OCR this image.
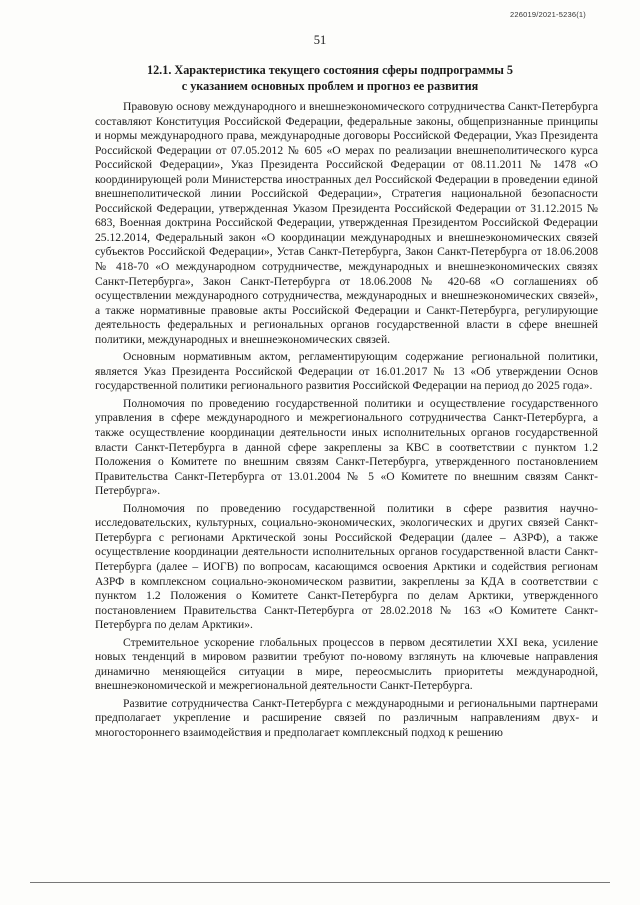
226019/2021-5236(1)
51
12.1. Характеристика текущего состояния сферы подпрограммы 5
с указанием основных проблем и прогноз ее развития

Правовую основу международного и внешнеэкономического сотрудничества Санкт-Петербурга составляют Конституция Российской Федерации, федеральные законы, общепризнанные принципы и нормы международного права, международные договоры Российской Федерации, Указ Президента Российской Федерации от 07.05.2012 № 605 «О мерах по реализации внешнеполитического курса Российской Федерации», Указ Президента Российской Федерации от 08.11.2011 № 1478 «О координирующей роли Министерства иностранных дел Российской Федерации в проведении единой внешнеполитической линии Российской Федерации», Стратегия национальной безопасности Российской Федерации, утвержденная Указом Президента Российской Федерации от 31.12.2015 № 683, Военная доктрина Российской Федерации, утвержденная Президентом Российской Федерации 25.12.2014, Федеральный закон «О координации международных и внешнеэкономических связей субъектов Российской Федерации», Устав Санкт-Петербурга, Закон Санкт-Петербурга от 18.06.2008 № 418-70 «О международном сотрудничестве, международных и внешнеэкономических связях Санкт-Петербурга», Закон Санкт-Петербурга от 18.06.2008 № 420-68 «О соглашениях об осуществлении международного сотрудничества, международных и внешнеэкономических связей», а также нормативные правовые акты Российской Федерации и Санкт-Петербурга, регулирующие деятельность федеральных и региональных органов государственной власти в сфере внешней политики, международных и внешнеэкономических связей.

Основным нормативным актом, регламентирующим содержание региональной политики, является Указ Президента Российской Федерации от 16.01.2017 № 13 «Об утверждении Основ государственной политики регионального развития Российской Федерации на период до 2025 года».

Полномочия по проведению государственной политики и осуществление государственного управления в сфере международного и межрегионального сотрудничества Санкт-Петербурга, а также осуществление координации деятельности иных исполнительных органов государственной власти Санкт-Петербурга в данной сфере закреплены за КВС в соответствии с пунктом 1.2 Положения о Комитете по внешним связям Санкт-Петербурга, утвержденного постановлением Правительства Санкт-Петербурга от 13.01.2004 № 5 «О Комитете по внешним связям Санкт-Петербурга».

Полномочия по проведению государственной политики в сфере развития научно-исследовательских, культурных, социально-экономических, экологических и других связей Санкт-Петербурга с регионами Арктической зоны Российской Федерации (далее – АЗРФ), а также осуществление координации деятельности исполнительных органов государственной власти Санкт-Петербурга (далее – ИОГВ) по вопросам, касающимся освоения Арктики и содействия регионам АЗРФ в комплексном социально-экономическом развитии, закреплены за КДА в соответствии с пунктом 1.2 Положения о Комитете Санкт-Петербурга по делам Арктики, утвержденного постановлением Правительства Санкт-Петербурга от 28.02.2018 № 163 «О Комитете Санкт-Петербурга по делам Арктики».

Стремительное ускорение глобальных процессов в первом десятилетии XXI века, усиление новых тенденций в мировом развитии требуют по-новому взглянуть на ключевые направления динамично меняющейся ситуации в мире, переосмыслить приоритеты международной, внешнеэкономической и межрегиональной деятельности Санкт-Петербурга.

Развитие сотрудничества Санкт-Петербурга с международными и региональными партнерами предполагает укрепление и расширение связей по различным направлениям двух- и многостороннего взаимодействия и предполагает комплексный подход к решению
